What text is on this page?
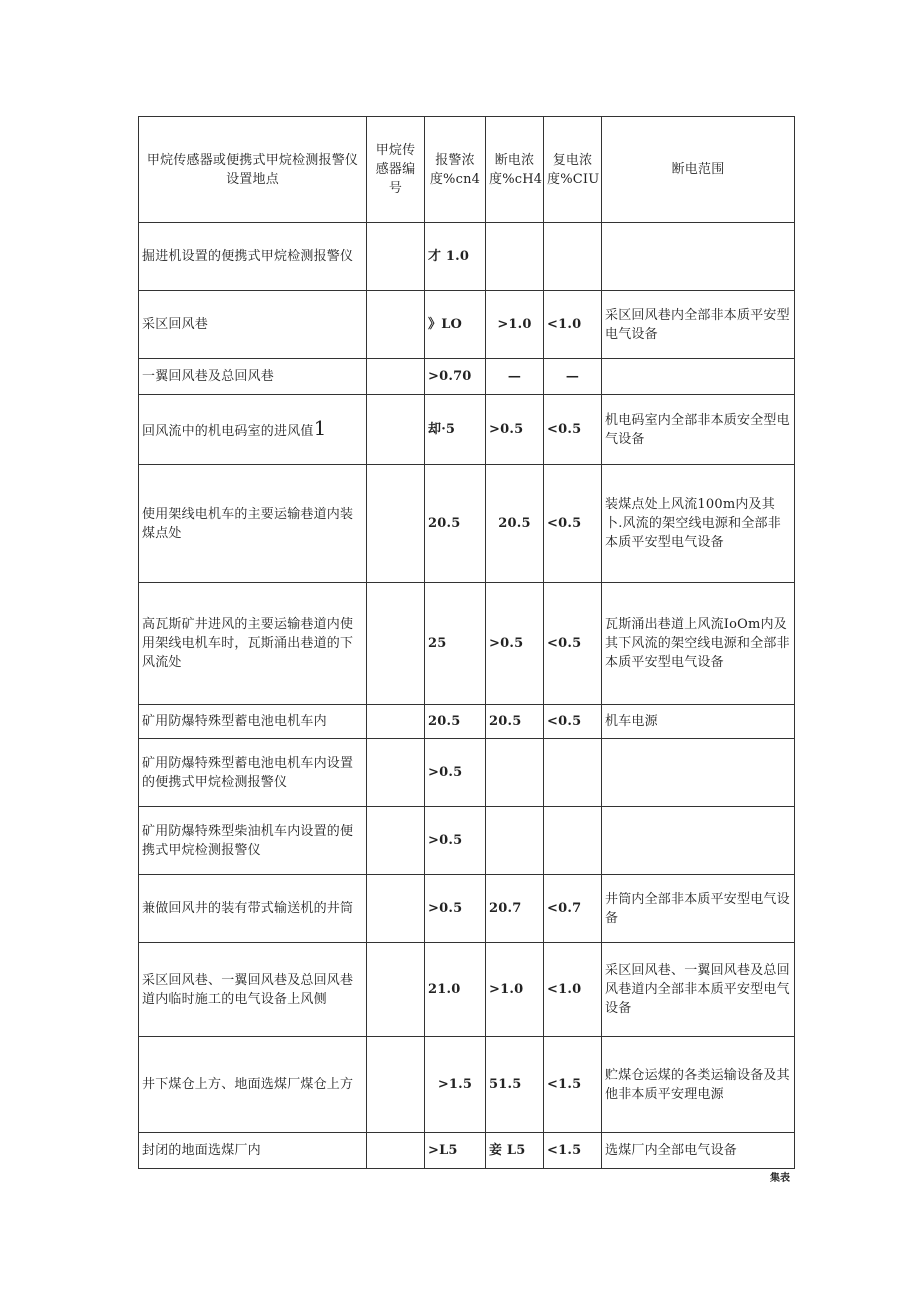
甲烷传感器或便携式甲烷检测报警仪设置地点	甲烷传感器编号	报警浓度%cn4	断电浓度%cH4	复电浓度%CIU	断电范围
掘进机设置的便携式甲烷检测报警仪		才 1.0			
采区回风巷		》LO	>1.0	<1.0	采区回风巷内全部非本质平安型电气设备
一翼回风巷及总回风巷		>0.70	—	—	
回风流中的机电码室的进风值1		却·5	>0.5	<0.5	机电码室内全部非本质安全型电气设备
使用架线电机车的主要运输巷道内装煤点处		20.5	20.5	<0.5	装煤点处上风流100m内及其卜.风流的架空线电源和全部非本质平安型电气设备
高瓦斯矿井进风的主要运输巷道内使用架线电机车时，瓦斯涌出巷道的下风流处		25	>0.5	<0.5	瓦斯涌出巷道上风流IoOm内及其下风流的架空线电源和全部非本质平安型电气设备
矿用防爆特殊型蓄电池电机车内		20.5	20.5	<0.5	机车电源
矿用防爆特殊型蓄电池电机车内设置的便携式甲烷检测报警仪		>0.5			
矿用防爆特殊型柴油机车内设置的便携式甲烷检测报警仪		>0.5			
兼做回风井的装有带式输送机的井筒		>0.5	20.7	<0.7	井筒内全部非本质平安型电气设备
采区回风巷、一翼回风巷及总回风巷道内临时施工的电气设备上风侧		21.0	>1.0	<1.0	采区回风巷、一翼回风巷及总回风巷道内全部非本质平安型电气设备
井下煤仓上方、地面选煤厂煤仓上方		>1.5	51.5	<1.5	贮煤仓运煤的各类运输设备及其他非本质平安理电源
封闭的地面选煤厂内		>L5	妾 L5	<1.5	选煤厂内全部电气设备
集表
